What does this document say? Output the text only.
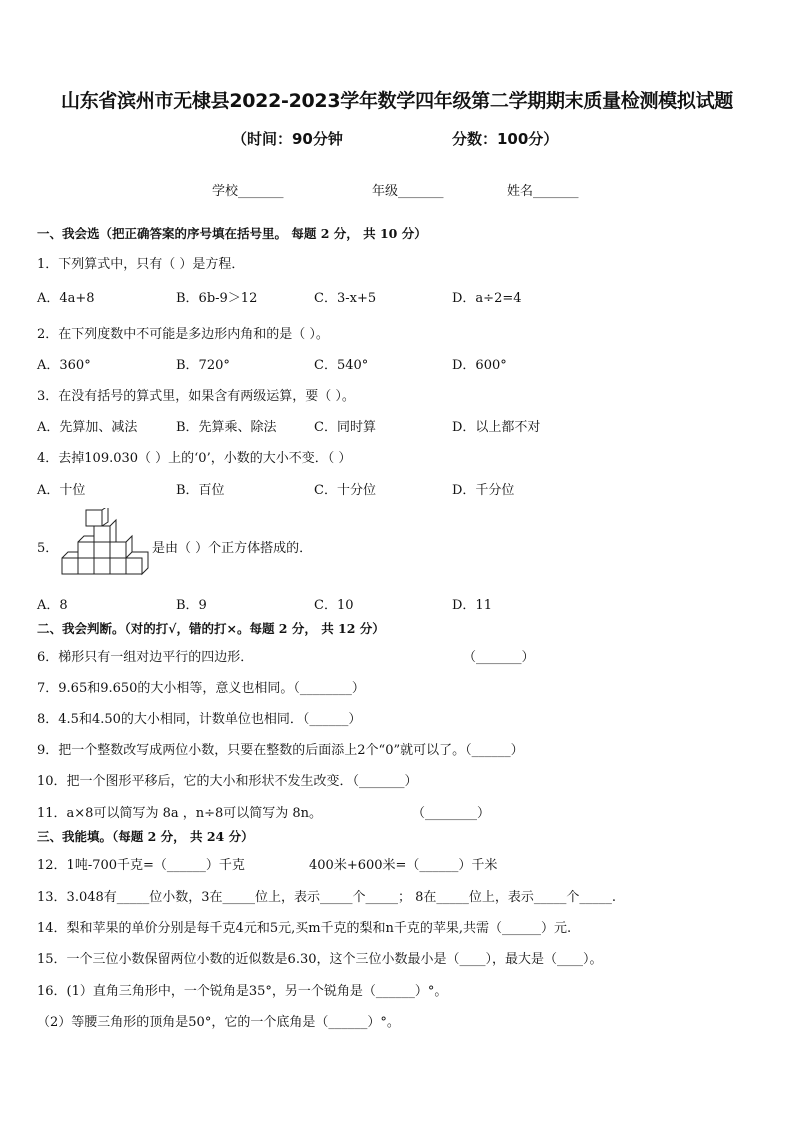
山东省滨州市无棣县2022-2023学年数学四年级第二学期期末质量检测模拟试题
（时间：90分钟	分数：100分）
学校_______	年级_______	姓名_______
一、我会选（把正确答案的序号填在括号里。 每题 2 分， 共 10 分）
1．下列算式中，只有（ ）是方程．
A．4a+8	B．6b-9＞12	C．3-x+5	D．a÷2=4
2．在下列度数中不可能是多边形内角和的是（ ）。
A．360°	B．720°	C．540°	D．600°
3．在没有括号的算式里，如果含有两级运算，要（ ）。
A．先算加、减法	B．先算乘、除法	C．同时算	D．以上都不对
4．去掉109.030（ ）上的‘0’，小数的大小不变．（ ）
A．十位	B．百位	C．十分位	D．千分位
5．	是由（ ）个正方体搭成的．
A．8	B．9	C．10	D．11
二、我会判断。（对的打√，错的打×。每题 2 分， 共 12 分）
6．梯形只有一组对边平行的四边形．	（_______）
7．9.65和9.650的大小相等，意义也相同。（________）
8．4.5和4.50的大小相同，计数单位也相同．（______）
9．把一个整数改写成两位小数，只要在整数的后面添上2个“0”就可以了。（______）
10．把一个图形平移后，它的大小和形状不发生改变．（_______）
11．a×8可以简写为 8a ，n÷8可以简写为 8n。	（________）
三、我能填。（每题 2 分， 共 24 分）
12．1吨-700千克=（______）千克	400米+600米=（______）千米
13．3.048有_____位小数，3在_____位上，表示_____个_____； 8在_____位上，表示_____个_____.
14．梨和苹果的单价分别是每千克4元和5元,买m千克的梨和n千克的苹果,共需（______）元.
15．一个三位小数保留两位小数的近似数是6.30，这个三位小数最小是（____），最大是（____）。
16．(1）直角三角形中，一个锐角是35°，另一个锐角是（______）°。
（2）等腰三角形的顶角是50°，它的一个底角是（______）°。
